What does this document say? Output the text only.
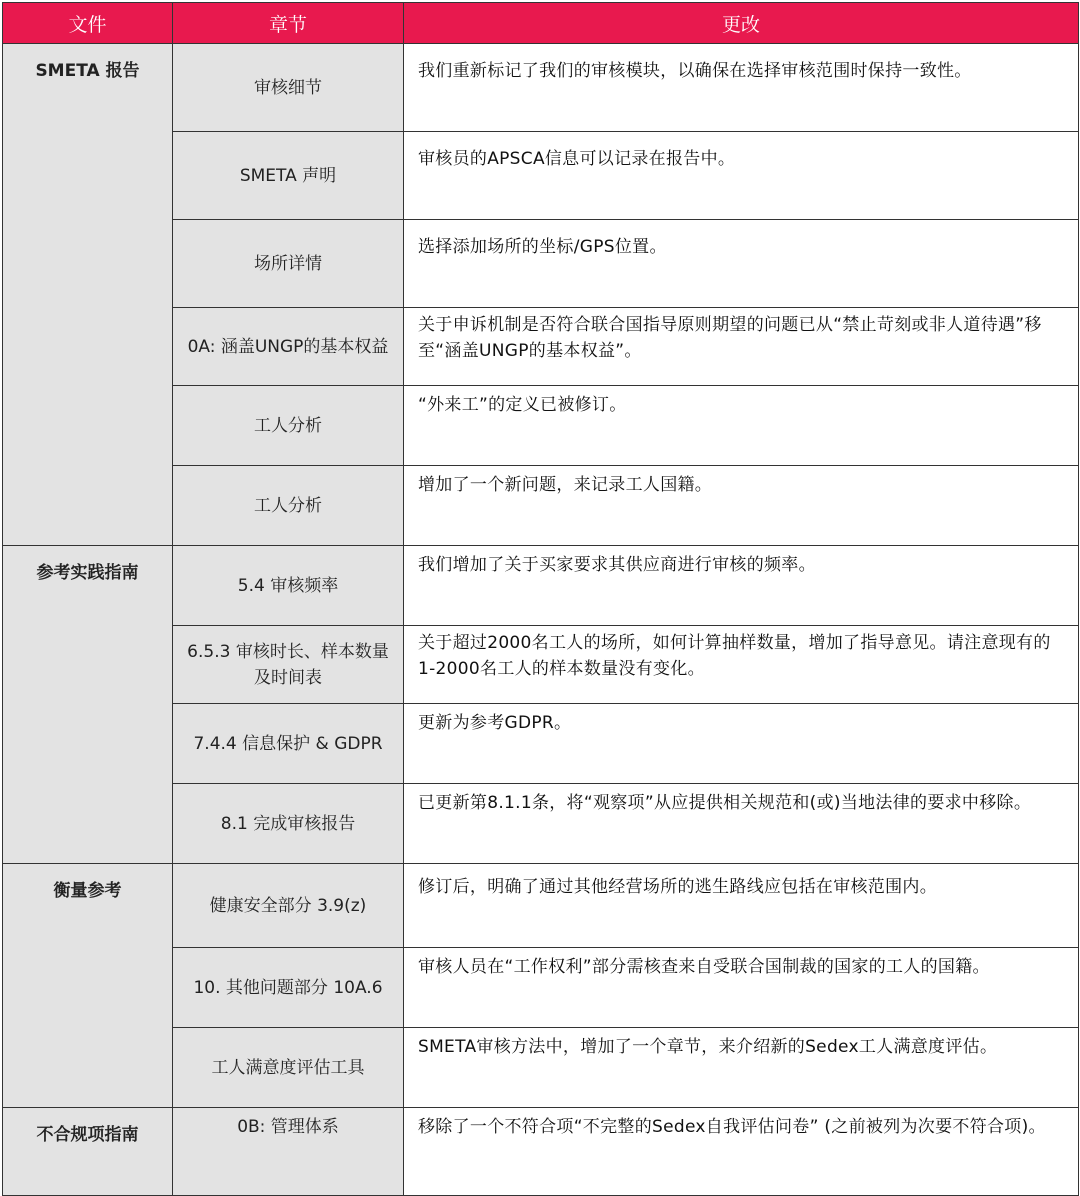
文件	章节	更改
SMETA 报告	审核细节	我们重新标记了我们的审核模块，以确保在选择审核范围时保持一致性。

	SMETA 声明	审核员的APSCA信息可以记录在报告中。

	场所详情	选择添加场所的坐标/GPS位置。

	0A: 涵盖UNGP的基本权益	关于申诉机制是否符合联合国指导原则期望的问题已从“禁止苛刻或非人道待遇”移至“涵盖UNGP的基本权益”。

	工人分析	“外来工”的定义已被修订。

	工人分析	增加了一个新问题，来记录工人国籍。
参考实践指南	5.4 审核频率	我们增加了关于买家要求其供应商进行审核的频率。

	6.5.3 审核时长、样本数量及时间表	关于超过2000名工人的场所，如何计算抽样数量，增加了指导意见。请注意现有的1-2000名工人的样本数量没有变化。

	7.4.4 信息保护 & GDPR	更新为参考GDPR。

	8.1 完成审核报告	已更新第8.1.1条，将“观察项”从应提供相关规范和(或)当地法律的要求中移除。
衡量参考	健康安全部分 3.9(z)	修订后，明确了通过其他经营场所的逃生路线应包括在审核范围内。

	10. 其他问题部分 10A.6	审核人员在“工作权利”部分需核查来自受联合国制裁的国家的工人的国籍。

	工人满意度评估工具	SMETA审核方法中，增加了一个章节，来介绍新的Sedex工人满意度评估。
不合规项指南	0B: 管理体系	移除了一个不符合项“不完整的Sedex自我评估问卷” (之前被列为次要不符合项)。
